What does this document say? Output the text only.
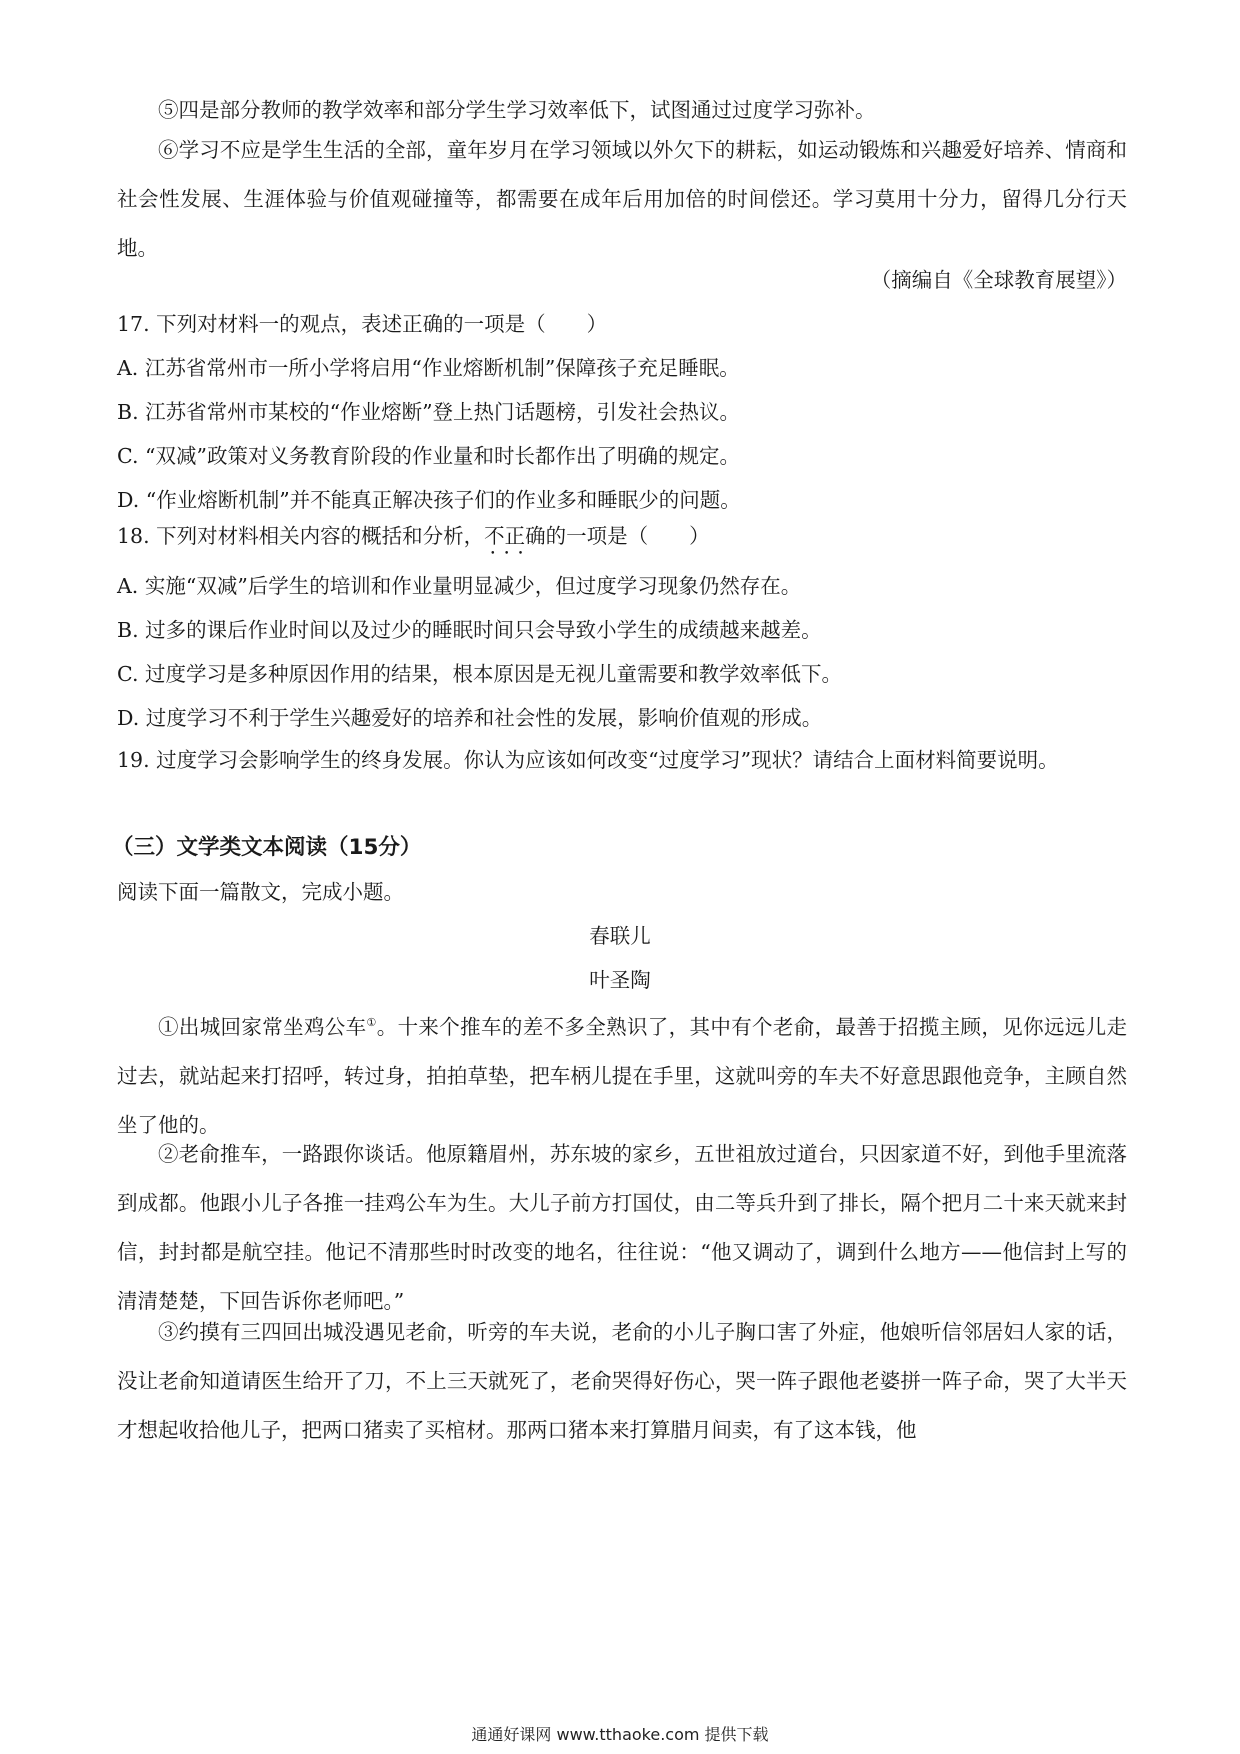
⑤四是部分教师的教学效率和部分学生学习效率低下，试图通过过度学习弥补。
⑥学习不应是学生生活的全部，童年岁月在学习领域以外欠下的耕耘，如运动锻炼和兴趣爱好培养、情商和社会性发展、生涯体验与价值观碰撞等，都需要在成年后用加倍的时间偿还。学习莫用十分力，留得几分行天地。
（摘编自《全球教育展望》）
17. 下列对材料一的观点，表述正确的一项是（　　）
A. 江苏省常州市一所小学将启用“作业熔断机制”保障孩子充足睡眠。
B. 江苏省常州市某校的“作业熔断”登上热门话题榜，引发社会热议。
C. “双减”政策对义务教育阶段的作业量和时长都作出了明确的规定。
D. “作业熔断机制”并不能真正解决孩子们的作业多和睡眠少的问题。
18. 下列对材料相关内容的概括和分析，不正确 •   •的一项是（　　）
A. 实施“双减”后学生的培训和作业量明显减少，但过度学习现象仍然存在。
B. 过多的课后作业时间以及过少的睡眠时间只会导致小学生的成绩越来越差。
C. 过度学习是多种原因作用的结果，根本原因是无视儿童需要和教学效率低下。
D. 过度学习不利于学生兴趣爱好的培养和社会性的发展，影响价值观的形成。
19. 过度学习会影响学生的终身发展。你认为应该如何改变“过度学习”现状？请结合上面材料简要说明。
（三）文学类文本阅读（15分）
阅读下面一篇散文，完成小题。
春联儿
叶圣陶
①出城回家常坐鸡公车①。十来个推车的差不多全熟识了，其中有个老俞，最善于招揽主顾，见你远远儿走过去，就站起来打招呼，转过身，拍拍草垫，把车柄儿提在手里，这就叫旁的车夫不好意思跟他竞争，主顾自然坐了他的。
②老俞推车，一路跟你谈话。他原籍眉州，苏东坡的家乡，五世祖放过道台，只因家道不好，到他手里流落到成都。他跟小儿子各推一挂鸡公车为生。大儿子前方打国仗，由二等兵升到了排长，隔个把月二十来天就来封信，封封都是航空挂。他记不清那些时时改变的地名，往往说：“他又调动了，调到什么地方——他信封上写的清清楚楚，下回告诉你老师吧。”
③约摸有三四回出城没遇见老俞，听旁的车夫说，老俞的小儿子胸口害了外症，他娘听信邻居妇人家的话，没让老俞知道请医生给开了刀，不上三天就死了，老俞哭得好伤心，哭一阵子跟他老婆拼一阵子命，哭了大半天才想起收拾他儿子，把两口猪卖了买棺材。那两口猪本来打算腊月间卖，有了这本钱，他
通通好课网 www.tthaoke.com 提供下载
